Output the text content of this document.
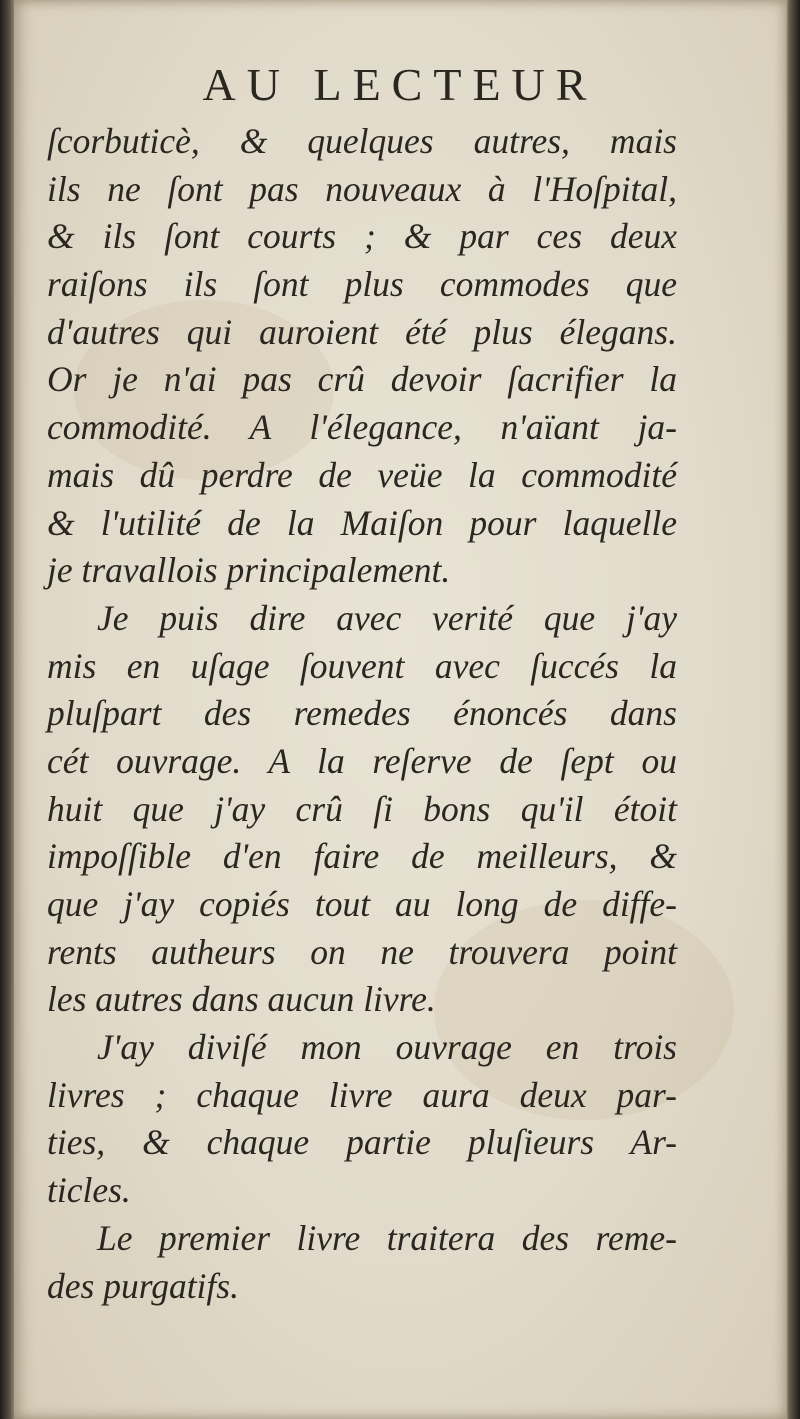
AU LECTEUR
ſcorbuticè, & quelques autres, mais
ils ne ſont pas nouveaux à l'Hoſpital,
& ils ſont courts ; & par ces deux
raiſons ils ſont plus commodes que
d'autres qui auroient été plus élegans.
Or je n'ai pas crû devoir ſacrifier la
commodité. A l'élegance, n'aïant ja-
mais dû perdre de veüe la commodité
& l'utilité de la Maiſon pour laquelle
je travallois principalement.
Je puis dire avec verité que j'ay
mis en uſage ſouvent avec ſuccés la
pluſpart des remedes énoncés dans
cét ouvrage. A la reſerve de ſept ou
huit que j'ay crû ſi bons qu'il étoit
impoſſible d'en faire de meilleurs, &
que j'ay copiés tout au long de diffe-
rents autheurs on ne trouvera point
les autres dans aucun livre.
J'ay diviſé mon ouvrage en trois
livres ; chaque livre aura deux par-
ties, & chaque partie pluſieurs Ar-
ticles.
Le premier livre traitera des reme-
des purgatifs.
